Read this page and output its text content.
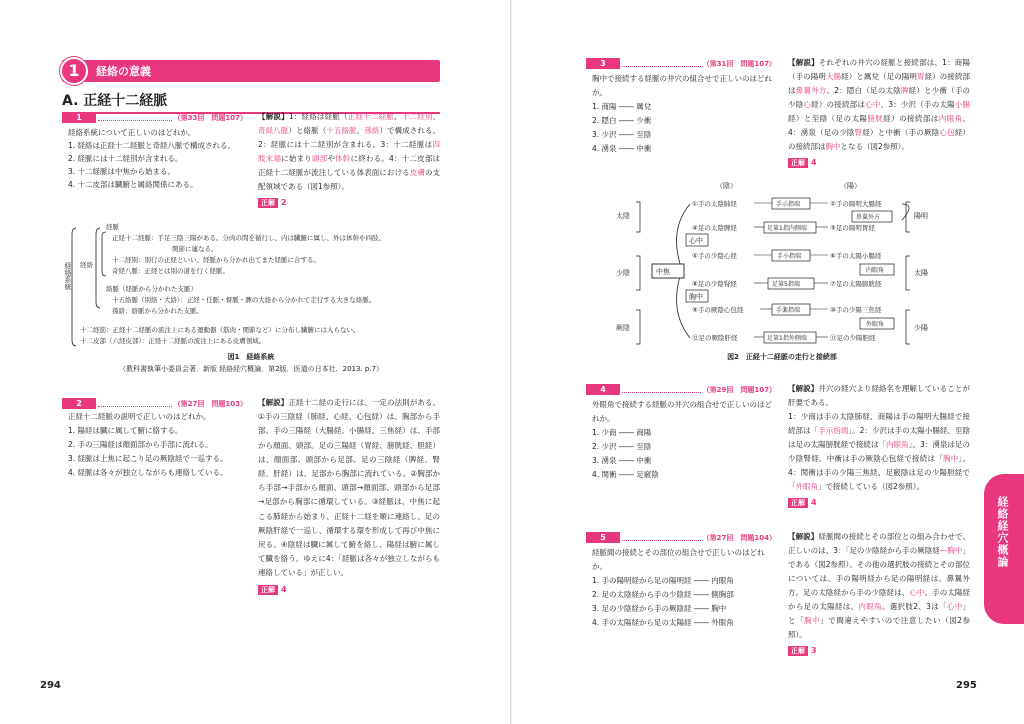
1	経絡の意義
A. 正経十二経脈
1	（第33回　問題107）

経絡系統について正しいのはどれか。

1. 経絡は正経十二経脈と奇経八脈で構成される。

2. 経脈には十二経別が含まれる。

3. 十二経脈は中焦から始まる。

4. 十二皮部は臓腑と属絡関係にある。

【解説】1：経絡は経脈（正経十二経脈、十二経別、奇経八脈）と絡脈（十五絡脈、孫絡）で構成される。2：経脈には十二経別が含まれる。3：十二経脈は四肢末端に始まり頭部や体幹に終わる。4：十二皮部は正経十二経脈が流注している体表面における皮膚の支配領域である（図1参照）。
正解 2
経絡系統 経絡
経脈
正経十二経脈：手足三陰三陽がある。分肉の間を循行し、内は臓腑に属し、外は体幹や四肢、
関節に連なる。
十二経別：別行の正経といい、経脈から分かれ出てまた経脈に合する。
奇経八脈：正経とは別の道を行く経脈。
絡脈（経脈から分かれた支脈）
十五絡脈（別絡・大絡）：正経・任脈・督脈・脾の大絡から分かれて走行する大きな絡脈。
孫絡：絡脈から分かれた支脈。
十二経筋：正経十二経脈の流注上にある運動器（筋肉・関節など）に分布し臓腑には入らない。
十二皮部（六経皮部）：正経十二経脈の流注上にある皮膚領域。
図1　経絡系統
（教科書執筆小委員会著．新版 経絡経穴概論．第2版．医道の日本社．2013. p.7）
2	（第27回　問題103）

正経十二経脈の説明で正しいのはどれか。

1. 陽経は臓に属して腑に絡する。

2. 手の三陽経は顔面部から手部に流れる。

3. 経脈は上焦に起こり足の厥陰経で一巡する。

4. 経脈は各々が独立しながらも連絡している。

【解説】正経十二経の走行には、一定の法則がある。①手の三陰経（肺経、心経、心包経）は、胸部から手部。手の三陽経（大腸経、小腸経、三焦経）は、手部から顔面、頭部。足の三陽経（胃経、膀胱経、胆経）は、顔面部、頭部から足部。足の三陰経（脾経、腎経、肝経）は、足部から胸部に流れている。②胸部から手部→手部から顔面、頭部→顔面部、頭部から足部→足部から胸部に循環している。③経脈は、中焦に起こる肺経から始まり、正経十二経を順に連絡し、足の厥陰肝経で一巡し、循環する環を形成して再び中焦に戻る。④陰経は臓に属して腑を絡し、陽経は腑に属して臓を絡う。ゆえに4：「経脈は各々が独立しながらも連絡している」が正しい。
正解 4
294
3	（第31回　問題107）

胸中で接続する経脈の井穴の組合せで正しいのはどれか。

1. 商陽 ―― 厲兌

2. 隠白 ―― 少衝

3. 少沢 ―― 至陰

4. 湧泉 ―― 中衝

【解説】それぞれの井穴の経脈と接続部は、1：商陽（手の陽明大腸経）と厲兌（足の陽明胃経）の接続部は鼻翼外方、2：隠白（足の太陰脾経）と少衝（手の少陰心経）の接続部は心中、3：少沢（手の太陽小腸経）と至陰（足の太陽膀胱経）の接続部は内眼角、4：湧泉（足の少陰腎経）と中衝（手の厥陰心包経）の接続部は胸中となる（図2参照）。
正解 4
（陰）	（陽）
太陰
少陰
厥陰
陽明
太陽
少陽
中焦
心中
胸中
①手の太陰肺経	②手の陽明大腸経
③足の陽明胃経
④足の太陰脾経
⑤手の少陰心経	⑥手の太陽小腸経
⑦足の太陽膀胱経
⑧足の少陰腎経
⑨手の厥陰心包経	⑩手の少陽三焦経
⑪足の少陽胆経
⑫足の厥陰肝経
手示指端
鼻翼外方
足第1指内側端
手小指端
内眼角
足第5指端
手薬指端
外眼角
足第1指外側端
図2　正経十二経脈の走行と接続部
4	（第29回　問題107）

外眼角で接続する経脈の井穴の組合せで正しいのはどれか。

1. 少商 ―― 商陽

2. 少沢 ―― 至陰

3. 湧泉 ―― 中衝

4. 関衝 ―― 足竅陰

【解説】井穴の経穴より経絡名を理解していることが肝要である。
1：少商は手の太陰肺経、商陽は手の陽明大腸経で接続部は「手示指端」。2：少沢は手の太陽小腸経、至陰は足の太陽膀胱経で接続は「内眼角」。3：湧泉は足の少陰腎経、中衝は手の厥陰心包経で接続は「胸中」。4：関衝は手の少陽三焦経、足竅陰は足の少陽胆経で「外眼角」で接続している（図2参照）。
正解 4
5	（第27回　問題104）

経脈間の接続とその部位の組合せで正しいのはどれか。

1. 手の陽明経から足の陽明経 ―― 内眼角

2. 足の太陰経から手の少陰経 ―― 側胸部

3. 足の少陰経から手の厥陰経 ―― 胸中

4. 手の太陽経から足の太陽経 ―― 外眼角

【解説】経脈間の接続とその部位との組み合わせで、正しいのは、3：「足の少陰経から手の厥陰経―胸中」である（図2参照）。その他の選択肢の接続とその部位については、手の陽明経から足の陽明経は、鼻翼外方。足の太陰経から手の少陰経は、心中。手の太陽経から足の太陽経は、内眼角。選択肢2、3は「心中」と「胸中」で間違えやすいので注意したい（図2参照）。
正解 3
295
経絡経穴概論
